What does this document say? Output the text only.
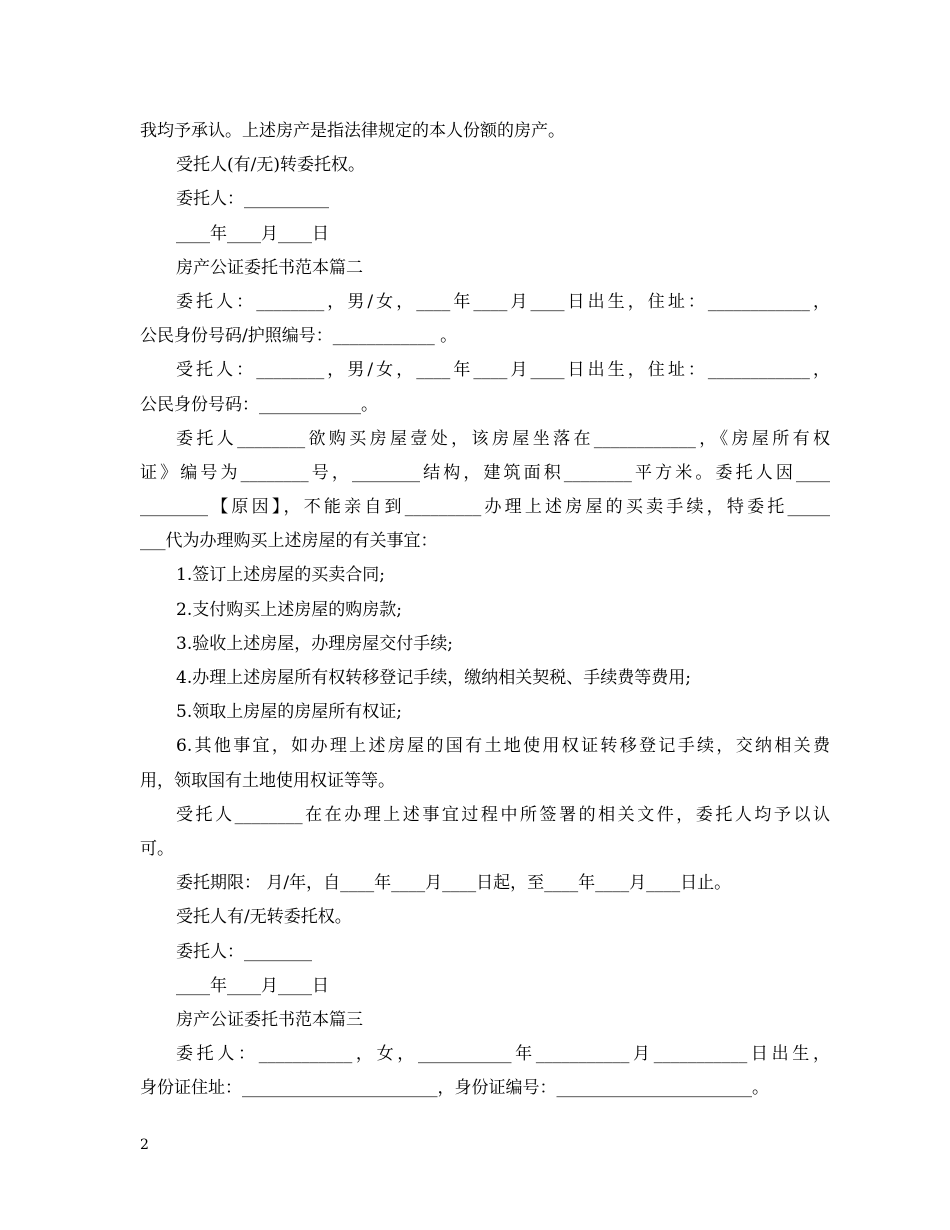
我均予承认。上述房产是指法律规定的本人份额的房产。
受托人(有/无)转委托权。
委托人：__________
____年____月____日
房产公证委托书范本篇二
委托人：________，男/女，____年____月____日出生，住址：____________，
公民身份号码/护照编号：____________ 。
受托人：________，男/女，____年____月____日出生，住址：____________，
公民身份号码：____________。
委托人________欲购买房屋壹处，该房屋坐落在____________，《房屋所有权
证》编号为________号，________结构，建筑面积________平方米。委托人因____
________【原因】，不能亲自到_________办理上述房屋的买卖手续，特委托_____
___代为办理购买上述房屋的有关事宜：
1.签订上述房屋的买卖合同;
2.支付购买上述房屋的购房款;
3.验收上述房屋，办理房屋交付手续;
4.办理上述房屋所有权转移登记手续，缴纳相关契税、手续费等费用;
5.领取上房屋的房屋所有权证;
6.其他事宜，如办理上述房屋的国有土地使用权证转移登记手续，交纳相关费
用，领取国有土地使用权证等等。
受托人________在在办理上述事宜过程中所签署的相关文件，委托人均予以认
可。
委托期限： 月/年，自____年____月____日起，至____年____月____日止。
受托人有/无转委托权。
委托人：________
____年____月____日
房产公证委托书范本篇三
委托人：___________，女，___________年___________月___________日出生，
身份证住址：_______________________，身份证编号：_______________________。
2
